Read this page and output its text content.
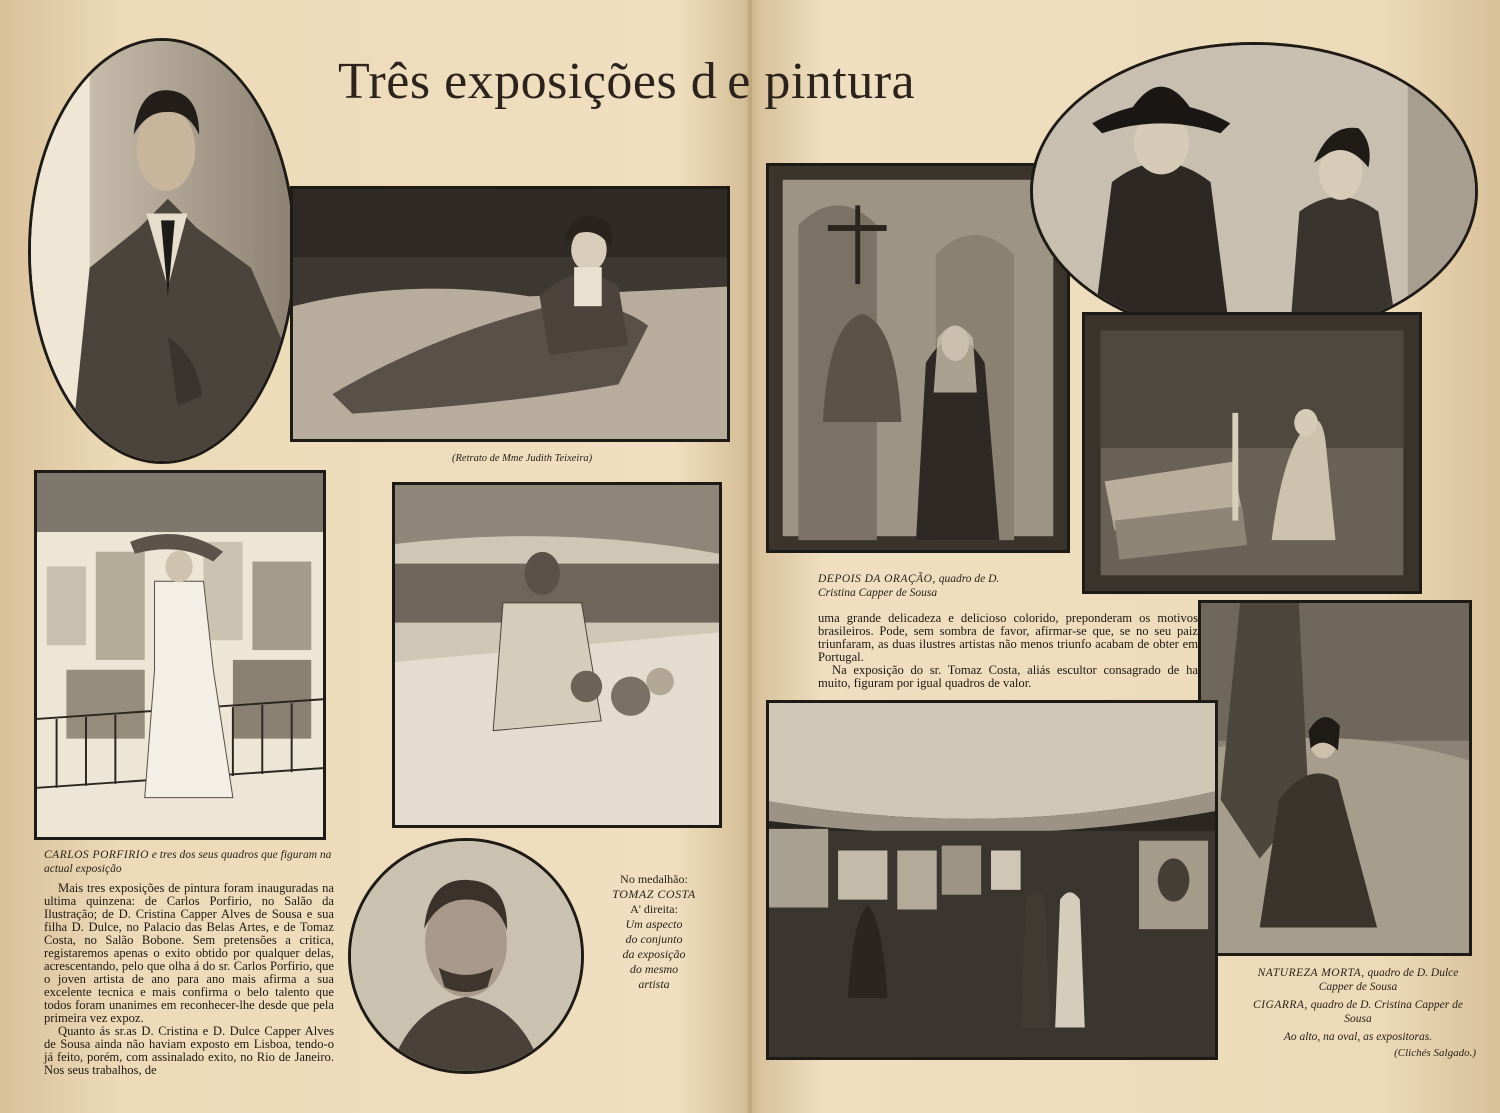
Três exposições d e pintura
(Retrato de Mme Judith Teixeira)
CARLOS PORFIRIO e tres dos seus quadros que figuram na actual exposição

Mais tres exposições de pintura foram inauguradas na ultima quinzena: de Carlos Porfirio, no Salão da Ilustração; de D. Cristina Capper Alves de Sousa e sua filha D. Dulce, no Palacio das Belas Artes, e de Tomaz Costa, no Salão Bobone. Sem pretensões a critica, registaremos apenas o exito obtido por qualquer delas, acrescentando, pelo que olha á do sr. Carlos Porfirio, que o joven artista de ano para ano mais afirma a sua excelente tecnica e mais confirma o belo talento que todos foram unanimes em reconhecer-lhe desde que pela primeira vez expoz.

Quanto ás sr.as D. Cristina e D. Dulce Capper Alves de Sousa ainda não haviam exposto em Lisboa, tendo-o já feito, porém, com assinalado exito, no Rio de Janeiro. Nos seus trabalhos, de

No medalhão:
TOMAZ COSTA
A' direita:
Um aspecto
do conjunto
da exposição
do mesmo
artista
DEPOIS DA ORAÇÃO, quadro de D. Cristina Capper de Sousa

uma grande delicadeza e delicioso colorido, preponderam os motivos brasileiros. Pode, sem sombra de favor, afirmar-se que, se no seu paiz triunfaram, as duas ilustres artistas não menos triunfo acabam de obter em Portugal.

Na exposição do sr. Tomaz Costa, aliás escultor consagrado de ha muito, figuram por igual quadros de valor.

NATUREZA MORTA, quadro de D. Dulce Capper de Sousa
CIGARRA, quadro de D. Cristina Capper de Sousa
Ao alto, na oval, as expositoras.
(Clichés Salgado.)
